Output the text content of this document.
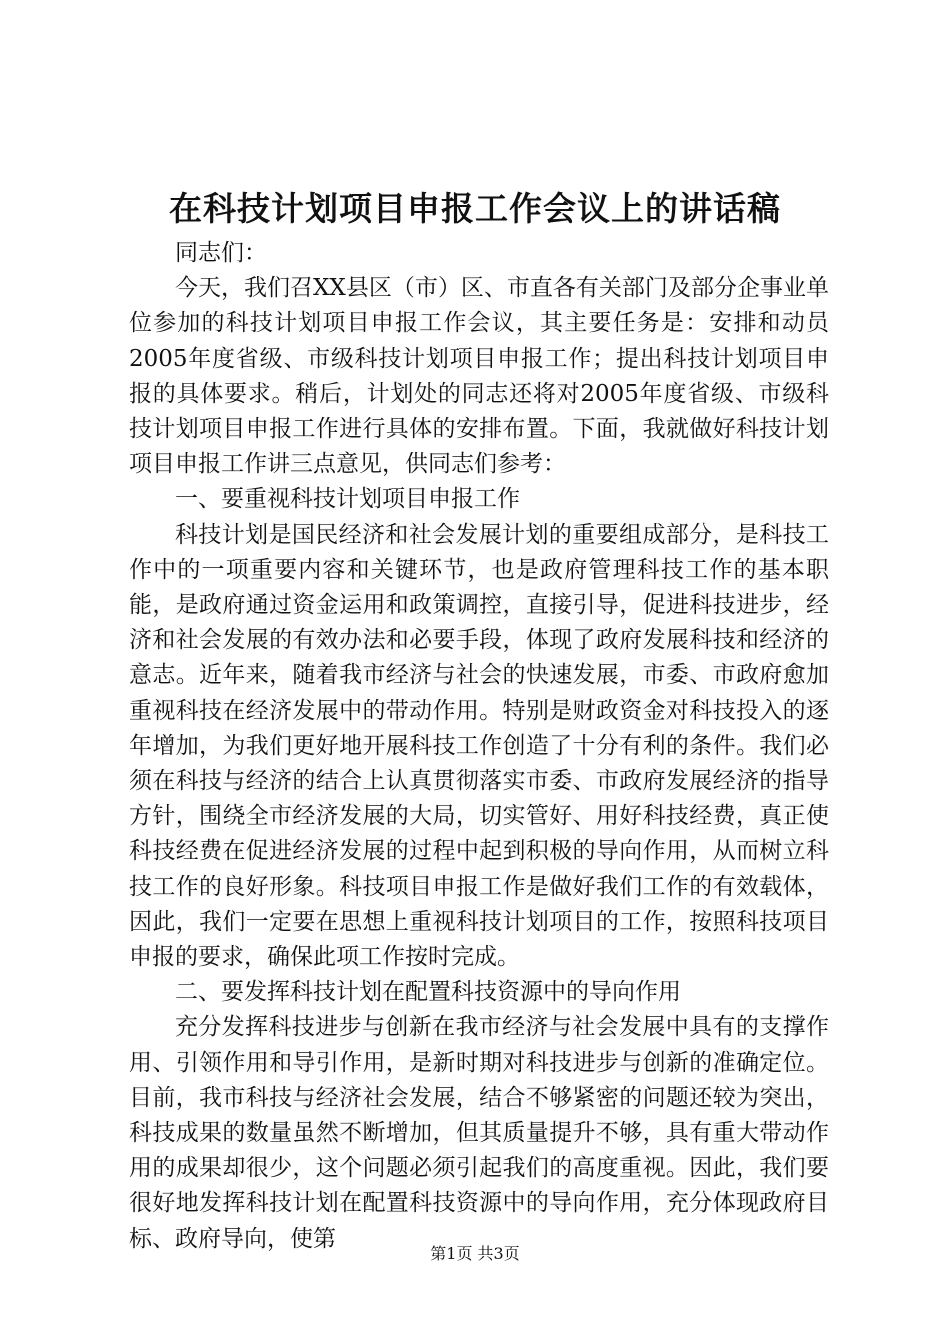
在科技计划项目申报工作会议上的讲话稿

同志们：

今天，我们召XX县区（市）区、市直各有关部门及部分企事业单位参加的科技计划项目申报工作会议，其主要任务是：安排和动员2005年度省级、市级科技计划项目申报工作；提出科技计划项目申报的具体要求。稍后，计划处的同志还将对2005年度省级、市级科技计划项目申报工作进行具体的安排布置。下面，我就做好科技计划项目申报工作讲三点意见，供同志们参考：

一、要重视科技计划项目申报工作

科技计划是国民经济和社会发展计划的重要组成部分，是科技工作中的一项重要内容和关键环节，也是政府管理科技工作的基本职能，是政府通过资金运用和政策调控，直接引导，促进科技进步，经济和社会发展的有效办法和必要手段，体现了政府发展科技和经济的意志。近年来，随着我市经济与社会的快速发展，市委、市政府愈加重视科技在经济发展中的带动作用。特别是财政资金对科技投入的逐年增加，为我们更好地开展科技工作创造了十分有利的条件。我们必须在科技与经济的结合上认真贯彻落实市委、市政府发展经济的指导方针，围绕全市经济发展的大局，切实管好、用好科技经费，真正使科技经费在促进经济发展的过程中起到积极的导向作用，从而树立科技工作的良好形象。科技项目申报工作是做好我们工作的有效载体，因此，我们一定要在思想上重视科技计划项目的工作，按照科技项目申报的要求，确保此项工作按时完成。

二、要发挥科技计划在配置科技资源中的导向作用

充分发挥科技进步与创新在我市经济与社会发展中具有的支撑作用、引领作用和导引作用，是新时期对科技进步与创新的准确定位。目前，我市科技与经济社会发展，结合不够紧密的问题还较为突出，科技成果的数量虽然不断增加，但其质量提升不够，具有重大带动作用的成果却很少，这个问题必须引起我们的高度重视。因此，我们要很好地发挥科技计划在配置科技资源中的导向作用，充分体现政府目标、政府导向，使第

第1页 共3页
